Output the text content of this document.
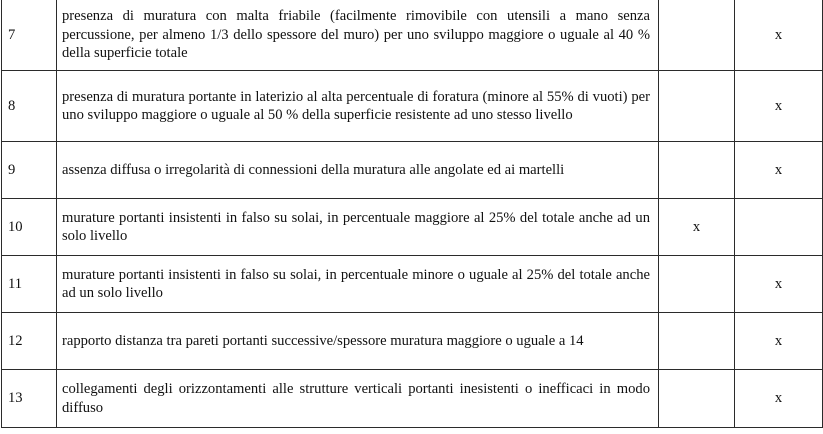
7	presenza di muratura con malta friabile (facilmente rimovibile con utensili a mano senza percussione, per almeno 1/3 dello spessore del muro) per uno sviluppo maggiore o uguale al 40 % della superficie totale		x
8	presenza di muratura portante in laterizio al alta percentuale di foratura (minore al 55% di vuoti) per uno sviluppo maggiore o uguale al 50 % della superficie resistente ad uno stesso livello		x
9	assenza diffusa o irregolarità di connessioni della muratura alle angolate ed ai martelli		x
10	murature portanti insistenti in falso su solai, in percentuale maggiore al 25% del totale anche ad un solo livello	x	
11	murature portanti insistenti in falso su solai, in percentuale minore o uguale al 25% del totale anche ad un solo livello		x
12	rapporto distanza tra pareti portanti successive/spessore muratura maggiore o uguale a 14		x
13	collegamenti degli orizzontamenti alle strutture verticali portanti inesistenti o inefficaci in modo diffuso		x
